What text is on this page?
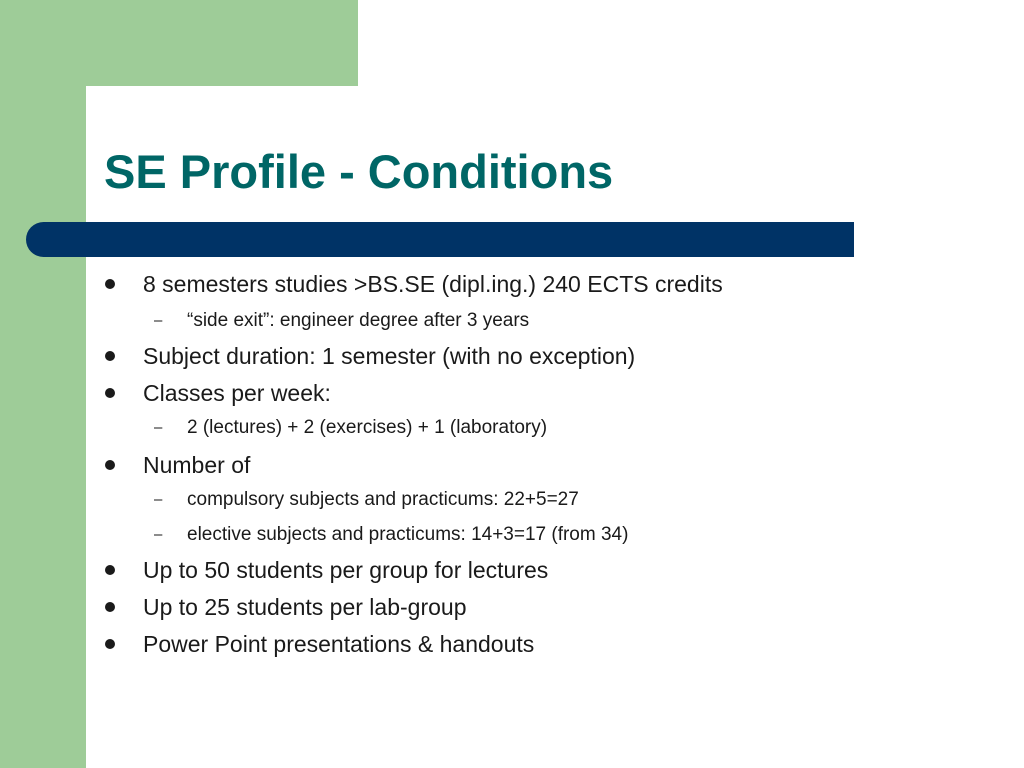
SE Profile - Conditions
8 semesters studies >BS.SE (dipl.ing.) 240 ECTS credits
– “side exit”: engineer degree after 3 years
Subject duration: 1 semester (with no exception)
Classes per week:
– 2 (lectures) + 2 (exercises) + 1 (laboratory)
Number of
– compulsory subjects and practicums: 22+5=27
– elective subjects and practicums: 14+3=17 (from 34)
Up to 50 students per group for lectures
Up to 25 students per lab-group
Power Point presentations & handouts
